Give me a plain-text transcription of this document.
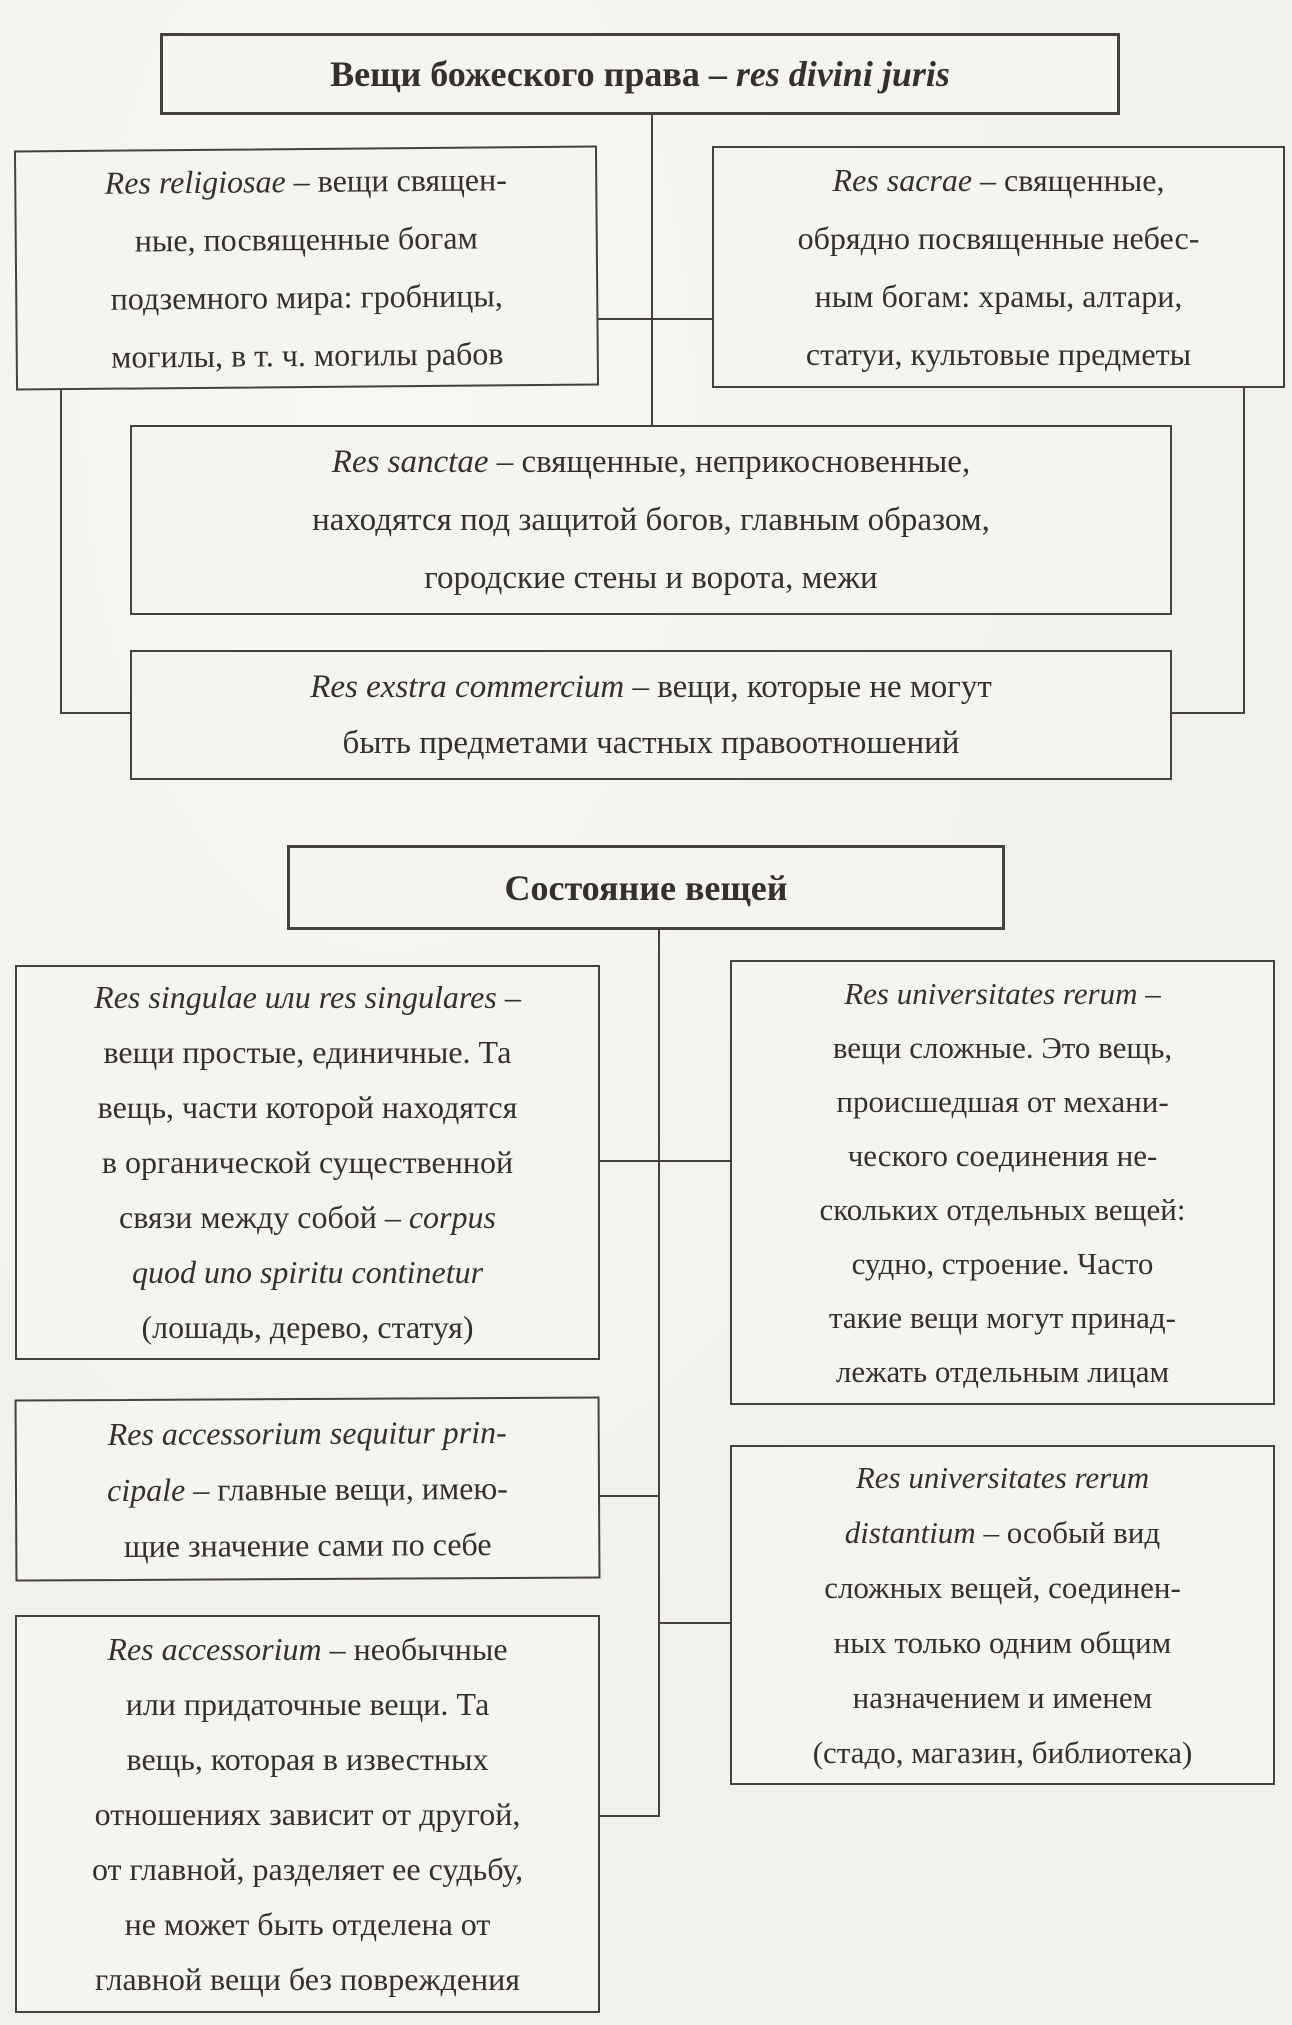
Вещи божеского права – res divini juris
Res religiosae – вещи священ-
ные, посвященные богам
подземного мира: гробницы,
могилы, в т. ч. могилы рабов
Res sacrae – священные,
обрядно посвященные небес-
ным богам: храмы, алтари,
статуи, культовые предметы
Res sanctae – священные, неприкосновенные,
находятся под защитой богов, главным образом,
городские стены и ворота, межи
Res exstra commercium – вещи, которые не могут
быть предметами частных правоотношений
Состояние вещей
Res singulae или res singulares –
вещи простые, единичные. Та
вещь, части которой находятся
в органической существенной
связи между собой – corpus
quod uno spiritu continetur
(лошадь, дерево, статуя)
Res universitates rerum –
вещи сложные. Это вещь,
происшедшая от механи-
ческого соединения не-
скольких отдельных вещей:
судно, строение. Часто
такие вещи могут принад-
лежать отдельным лицам
Res accessorium sequitur prin-
cipale – главные вещи, имею-
щие значение сами по себе
Res universitates rerum
distantium – особый вид
сложных вещей, соединен-
ных только одним общим
назначением и именем
(стадо, магазин, библиотека)
Res accessorium – необычные
или придаточные вещи. Та
вещь, которая в известных
отношениях зависит от другой,
от главной, разделяет ее судьбу,
не может быть отделена от
главной вещи без повреждения
